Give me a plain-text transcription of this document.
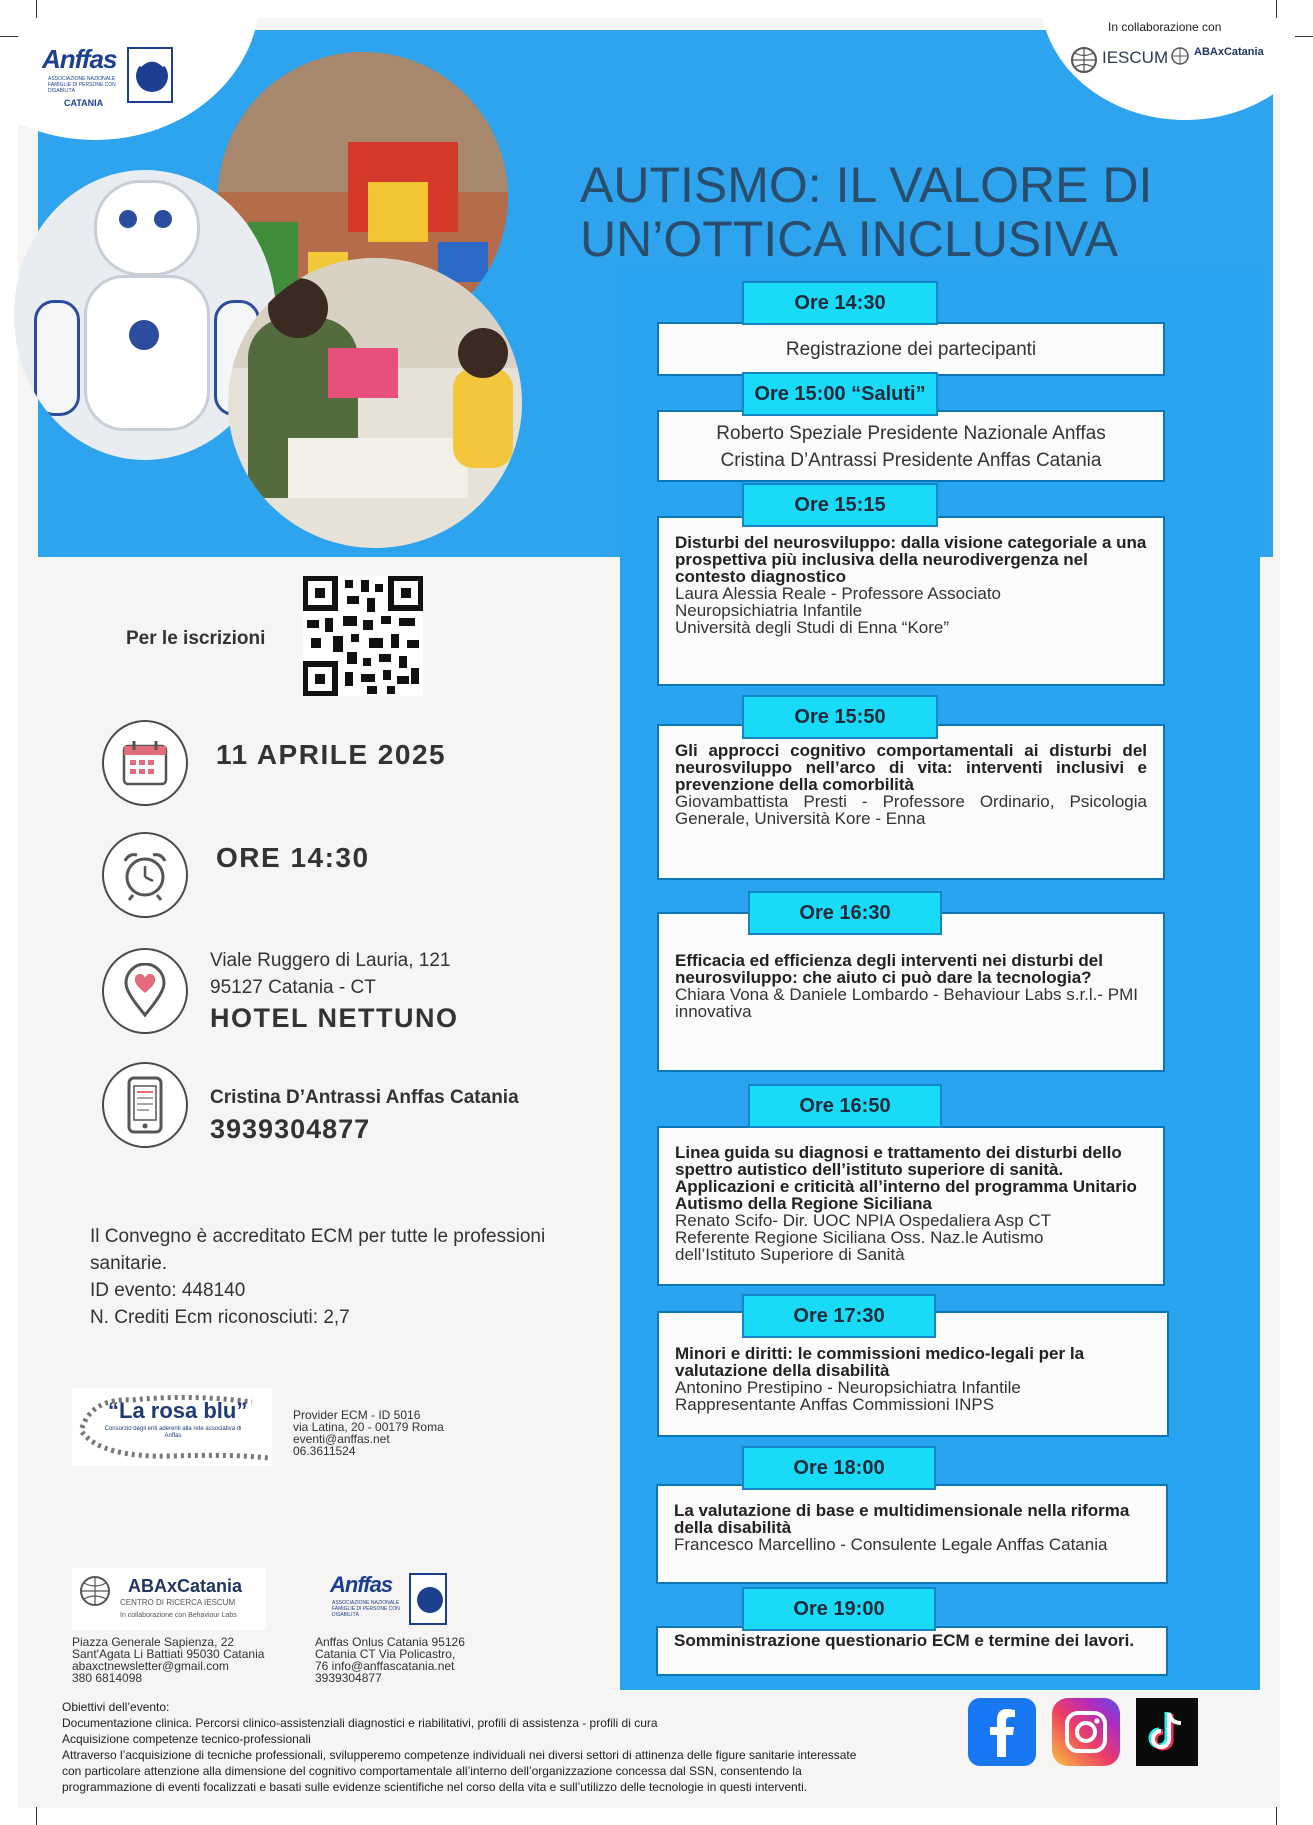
Anffas
ASSOCIAZIONE NAZIONALE FAMIGLIE DI PERSONE CON DISABILITÀ
CATANIA
In collaborazione con
IESCUM ABAxCatania
AUTISMO: IL VALORE DI
UN’OTTICA INCLUSIVA
Per le iscrizioni
11 APRILE 2025
ORE 14:30
Viale Ruggero di Lauria, 121
95127 Catania - CT
HOTEL NETTUNO
Cristina D’Antrassi Anffas Catania
3939304877
Il Convegno è accreditato ECM per tutte le professioni
sanitarie.
ID evento: 448140
N. Crediti Ecm riconosciuti: 2,7
“La rosa blu”
Consorzio degli enti aderenti alla rete associativa di Anffas
Provider ECM - ID 5016
via Latina, 20 - 00179 Roma
eventi@anffas.net
06.3611524
ABAxCatania
CENTRO DI RICERCA IESCUM
In collaborazione con Behaviour Labs
Piazza Generale Sapienza, 22
Sant'Agata Li Battiati 95030 Catania
abaxctnewsletter@gmail.com
380 6814098
Anffas
ASSOCIAZIONE NAZIONALE FAMIGLIE DI PERSONE CON DISABILITÀ
Anffas Onlus Catania 95126
Catania CT Via Policastro,
76 info@anffascatania.net
3939304877
Registrazione dei partecipanti
Ore 14:30
Roberto Speziale Presidente Nazionale Anffas
Cristina D’Antrassi Presidente Anffas Catania
Ore 15:00 “Saluti”
Disturbi del neurosviluppo: dalla visione categoriale a una prospettiva più inclusiva della neurodivergenza nel contesto diagnostico
Laura Alessia Reale - Professore Associato
Neuropsichiatria Infantile
Università degli Studi di Enna “Kore”
Ore 15:15
Gli approcci cognitivo comportamentali ai disturbi del neurosviluppo nell’arco di vita: interventi inclusivi e prevenzione della comorbilità
Giovambattista Presti - Professore Ordinario, Psicologia Generale, Università Kore - Enna
Ore 15:50
Efficacia ed efficienza degli interventi nei disturbi del neurosviluppo: che aiuto ci può dare la tecnologia?
Chiara Vona & Daniele Lombardo - Behaviour Labs s.r.l.- PMI innovativa
Ore 16:30
Linea guida su diagnosi e trattamento dei disturbi dello spettro autistico dell’istituto superiore di sanità. Applicazioni e criticità all’interno del programma Unitario Autismo della Regione Siciliana
Renato Scifo- Dir. UOC NPIA Ospedaliera Asp CT
Referente Regione Siciliana Oss. Naz.le Autismo
dell’Istituto Superiore di Sanità
Ore 16:50
Minori e diritti: le commissioni medico-legali per la valutazione della disabilità
Antonino Prestipino - Neuropsichiatra Infantile
Rappresentante Anffas Commissioni INPS
Ore 17:30
La valutazione di base e multidimensionale nella riforma della disabilità
Francesco Marcellino - Consulente Legale Anffas Catania
Ore 18:00
Somministrazione questionario ECM e termine dei lavori.
Ore 19:00
Obiettivi dell’evento:
Documentazione clinica. Percorsi clinico-assistenziali diagnostici e riabilitativi, profili di assistenza - profili di cura
Acquisizione competenze tecnico-professionali
Attraverso l’acquisizione di tecniche professionali, svilupperemo competenze individuali nei diversi settori di attinenza delle figure sanitarie interessate
con particolare attenzione alla dimensione del cognitivo comportamentale all’interno dell’organizzazione concessa dal SSN, consentendo la
programmazione di eventi focalizzati e basati sulle evidenze scientifiche nel corso della vita e sull’utilizzo delle tecnologie in questi interventi.
